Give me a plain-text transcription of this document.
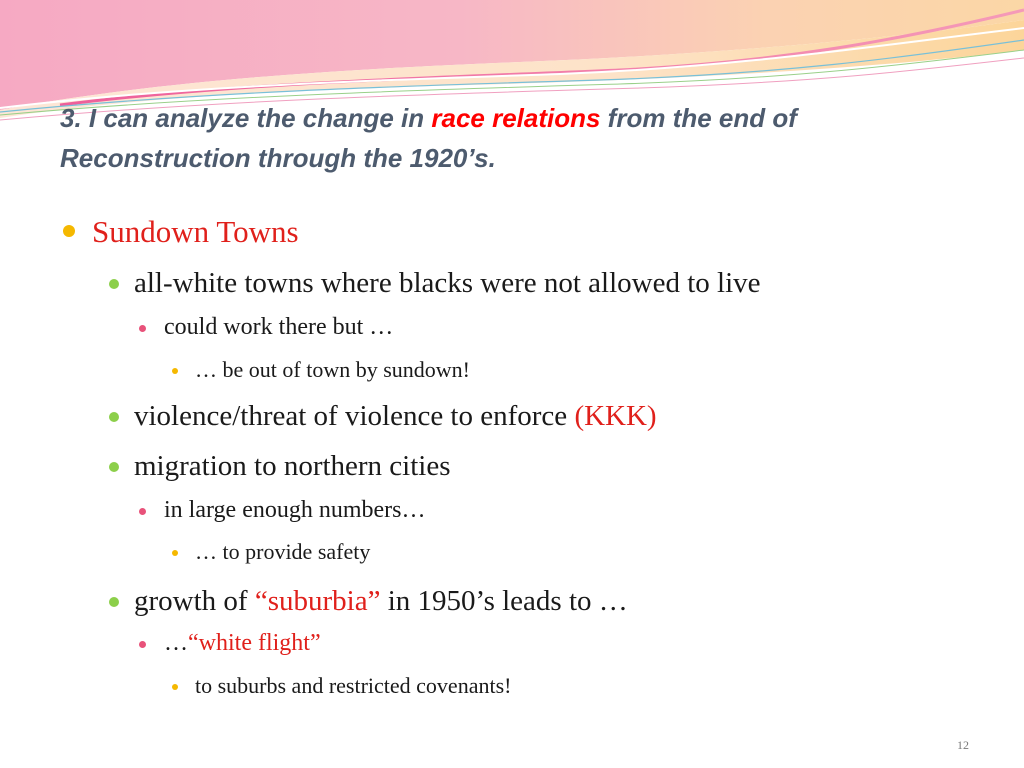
3. I can analyze the change in race relations from the end of Reconstruction through the 1920’s.
Sundown Towns
all-white towns where blacks were not allowed to live
could work there but …
… be out of town by sundown!
violence/threat of violence to enforce (KKK)
migration to northern cities
in large enough numbers…
… to provide safety
growth of “suburbia” in 1950’s leads to …
…“white flight”
to suburbs and restricted covenants!
12
